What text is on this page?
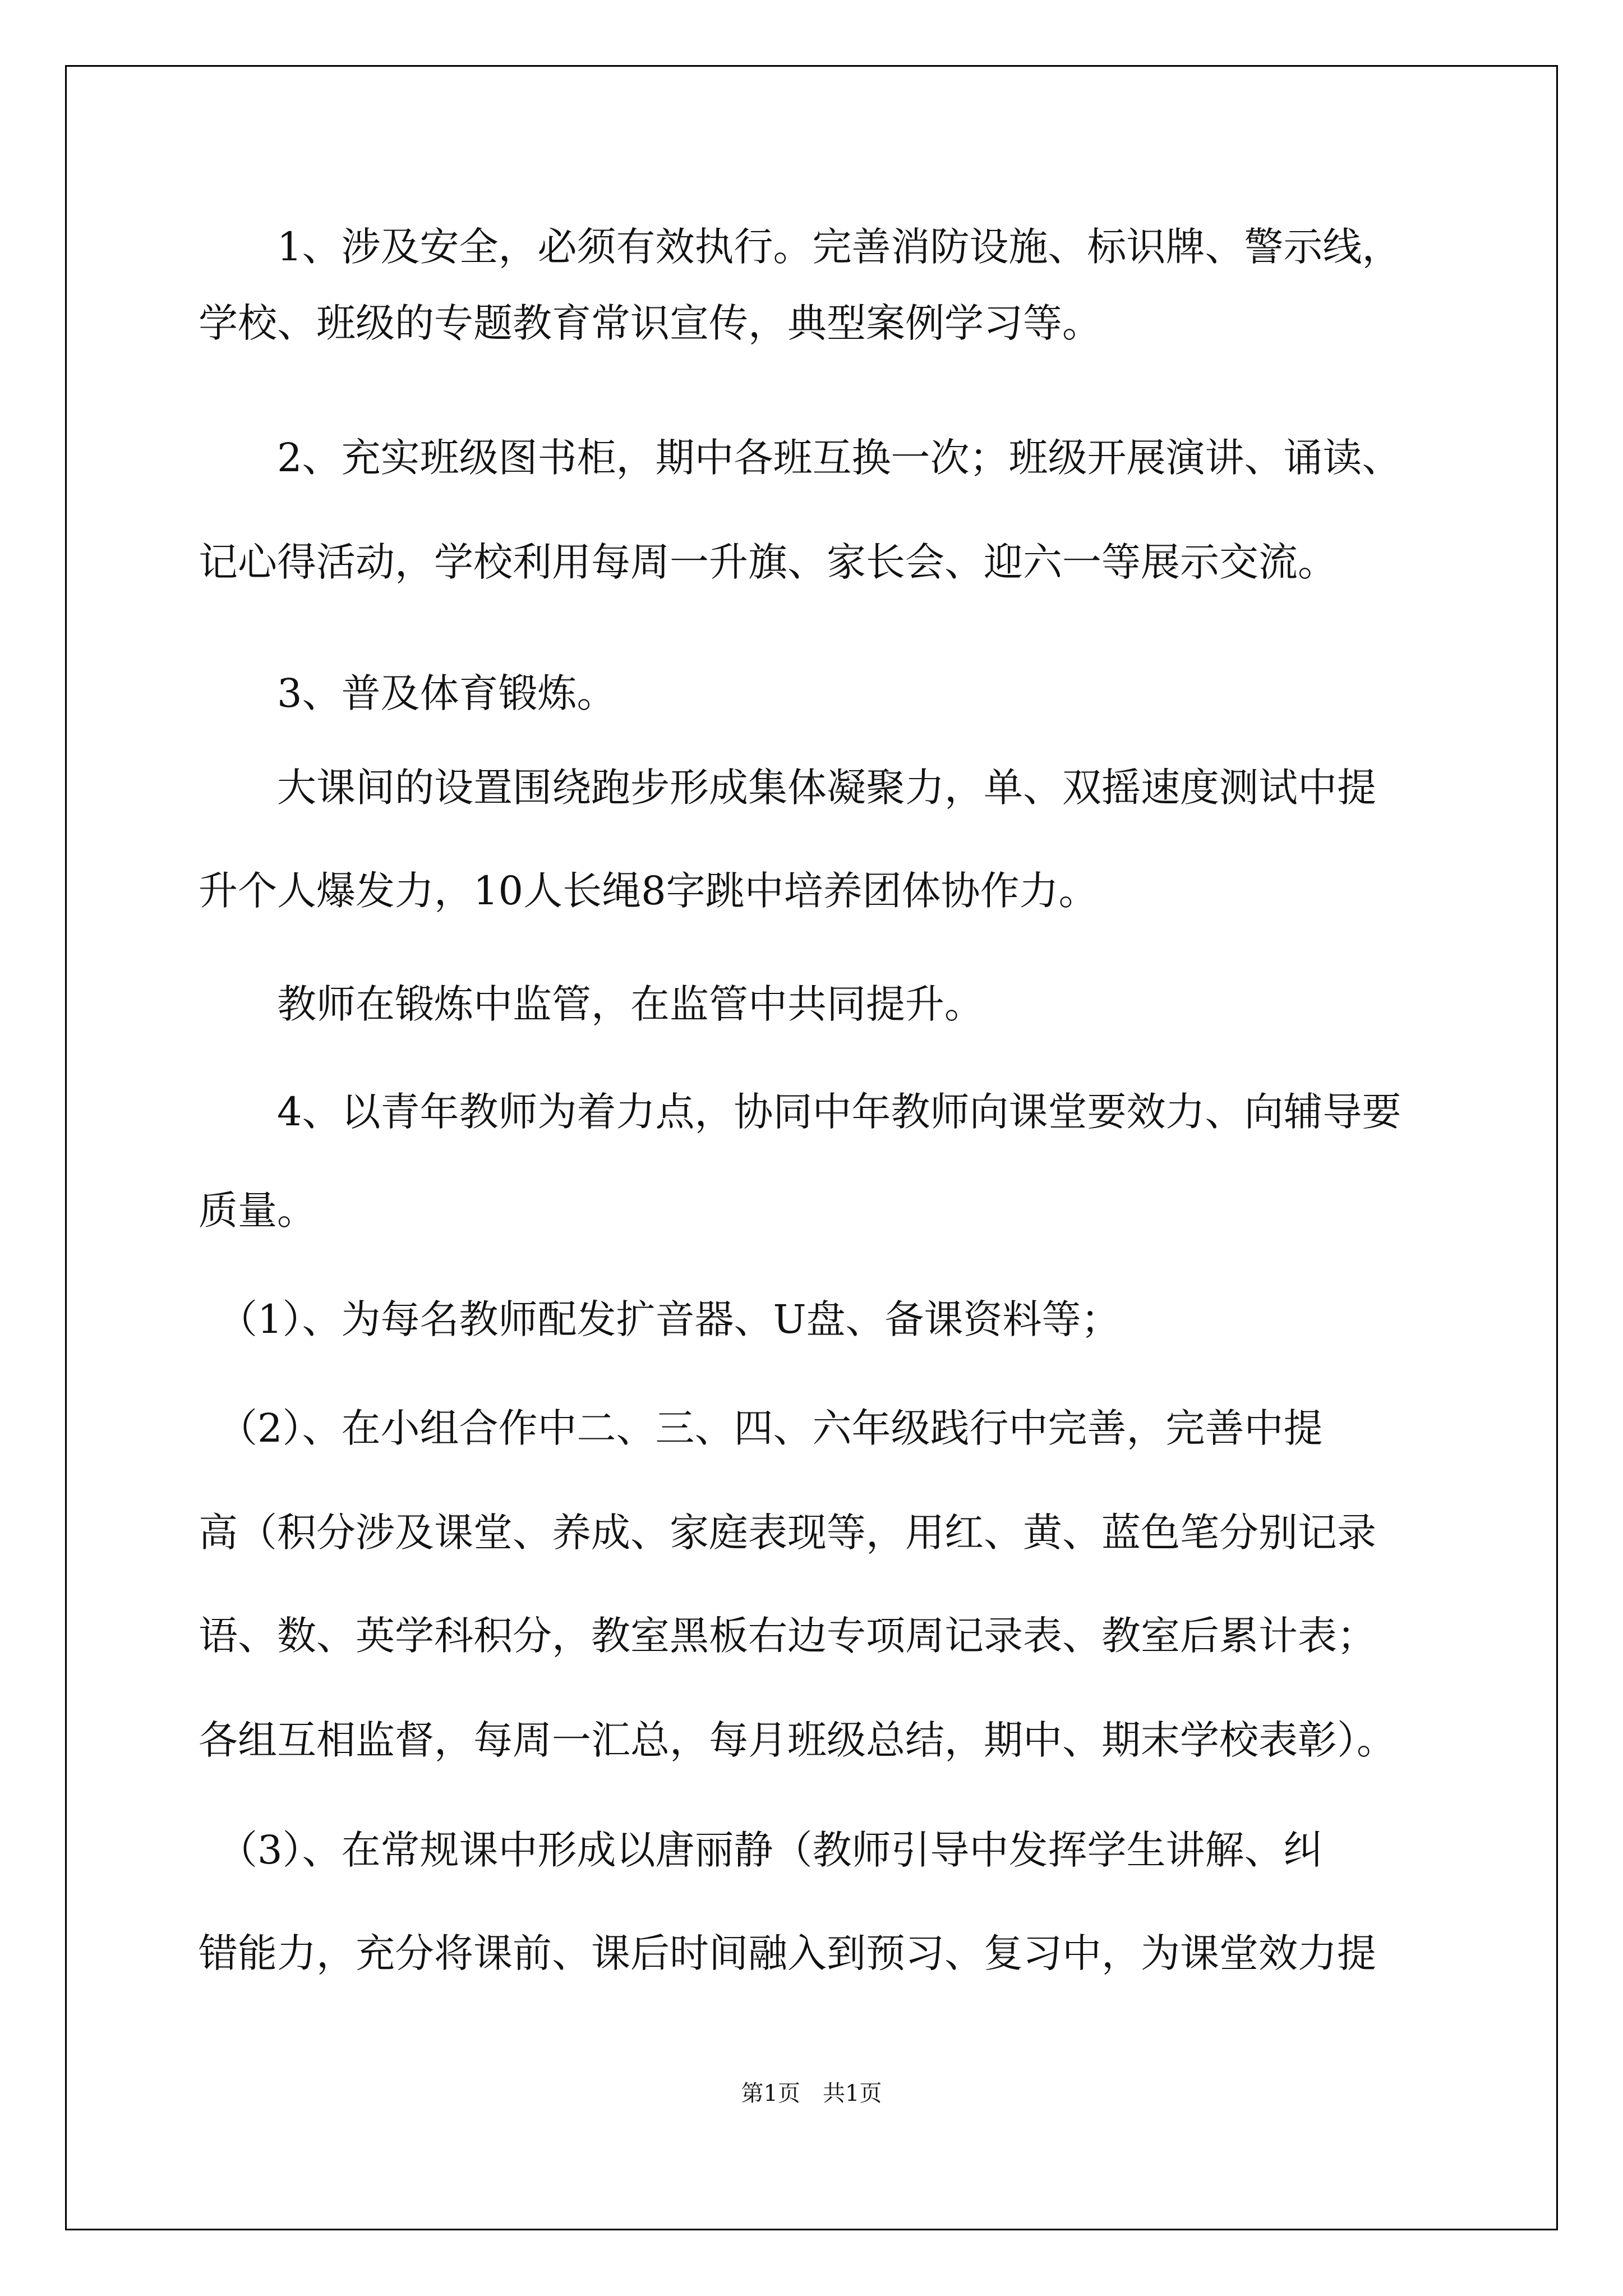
　　1、涉及安全，必须有效执行。完善消防设施、标识牌、警示线，
学校、班级的专题教育常识宣传，典型案例学习等。
　　2、充实班级图书柜，期中各班互换一次；班级开展演讲、诵读、
记心得活动，学校利用每周一升旗、家长会、迎六一等展示交流。
　　3、普及体育锻炼。
　　大课间的设置围绕跑步形成集体凝聚力，单、双摇速度测试中提
升个人爆发力，10人长绳8字跳中培养团体协作力。
　　教师在锻炼中监管，在监管中共同提升。
　　4、以青年教师为着力点，协同中年教师向课堂要效力、向辅导要
质量。
　（1）、为每名教师配发扩音器、U盘、备课资料等；
　（2）、在小组合作中二、三、四、六年级践行中完善，完善中提
高（积分涉及课堂、养成、家庭表现等，用红、黄、蓝色笔分别记录
语、数、英学科积分，教室黑板右边专项周记录表、教室后累计表；
各组互相监督，每周一汇总，每月班级总结，期中、期末学校表彰）。
　（3）、在常规课中形成以唐丽静（教师引导中发挥学生讲解、纠
错能力，充分将课前、课后时间融入到预习、复习中，为课堂效力提
第1页　共1页
